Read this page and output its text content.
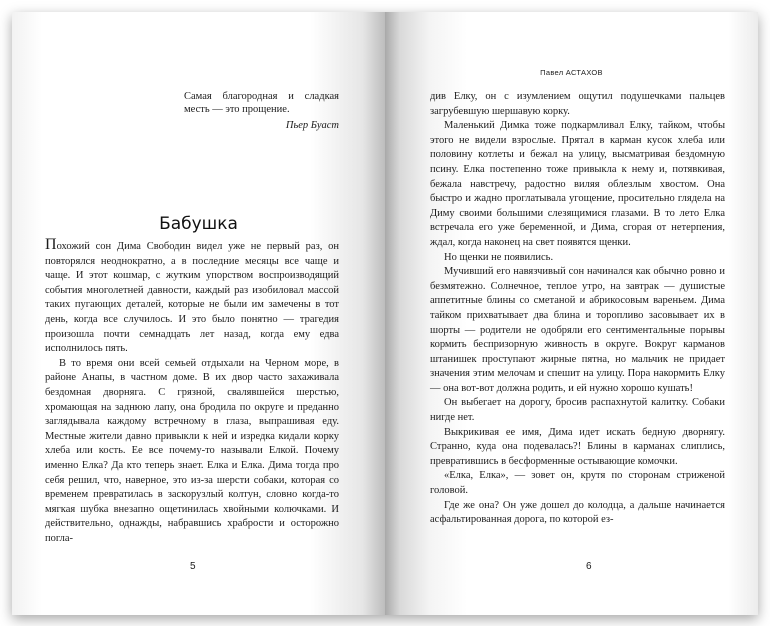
Самая благородная и сладкая месть — это прощение.
Пьер Буаст
Бабушка

Похожий сон Дима Свободин видел уже не первый раз, он повторялся неоднократно, а в последние месяцы все чаще и чаще. И этот кошмар, с жутким упорством воспроизводящий события многолетней давности, каждый раз изобиловал массой таких пугающих деталей, которые не были им замечены в тот день, когда все случилось. И это было понятно — трагедия произошла почти семнадцать лет назад, когда ему едва исполнилось пять.

В то время они всей семьей отдыхали на Черном море, в районе Анапы, в частном доме. В их двор часто захаживала бездомная дворняга. С грязной, свалявшейся шерстью, хромающая на заднюю лапу, она бродила по округе и преданно заглядывала каждому встречному в глаза, выпрашивая еду. Местные жители давно привыкли к ней и изредка кидали корку хлеба или кость. Ее все почему-то называли Елкой. Почему именно Елка? Да кто теперь знает. Елка и Елка. Дима тогда про себя решил, что, наверное, это из-за шерсти собаки, которая со временем превратилась в заскорузлый колтун, словно когда-то мягкая шубка внезапно ощетинилась хвойными колючками. И действительно, однажды, набравшись храбрости и осторожно погла-

5
Павел АСТАХОВ

див Елку, он с изумлением ощутил подушечками пальцев загрубевшую шершавую корку.

Маленький Димка тоже подкармливал Елку, тайком, чтобы этого не видели взрослые. Прятал в карман кусок хлеба или половину котлеты и бежал на улицу, высматривая бездомную псину. Елка постепенно тоже привыкла к нему и, потявкивая, бежала навстречу, радостно виляя облезлым хвостом. Она быстро и жадно проглатывала угощение, просительно глядела на Диму своими большими слезящимися глазами. В то лето Елка встречала его уже беременной, и Дима, сгорая от нетерпения, ждал, когда наконец на свет появятся щенки.

Но щенки не появились.

Мучивший его навязчивый сон начинался как обычно ровно и безмятежно. Солнечное, теплое утро, на завтрак — душистые аппетитные блины со сметаной и абрикосовым вареньем. Дима тайком прихватывает два блина и торопливо засовывает их в шорты — родители не одобряли его сентиментальные порывы кормить беспризорную живность в округе. Вокруг карманов штанишек проступают жирные пятна, но мальчик не придает значения этим мелочам и спешит на улицу. Пора накормить Елку — она вот-вот должна родить, и ей нужно хорошо кушать!

Он выбегает на дорогу, бросив распахнутой калитку. Собаки нигде нет.

Выкрикивая ее имя, Дима идет искать бедную дворнягу. Странно, куда она подевалась?! Блины в карманах слиплись, превратившись в бесформенные остывающие комочки.

«Елка, Елка», — зовет он, крутя по сторонам стриженой головой.

Где же она? Он уже дошел до колодца, а дальше начинается асфальтированная дорога, по которой ез-

6
